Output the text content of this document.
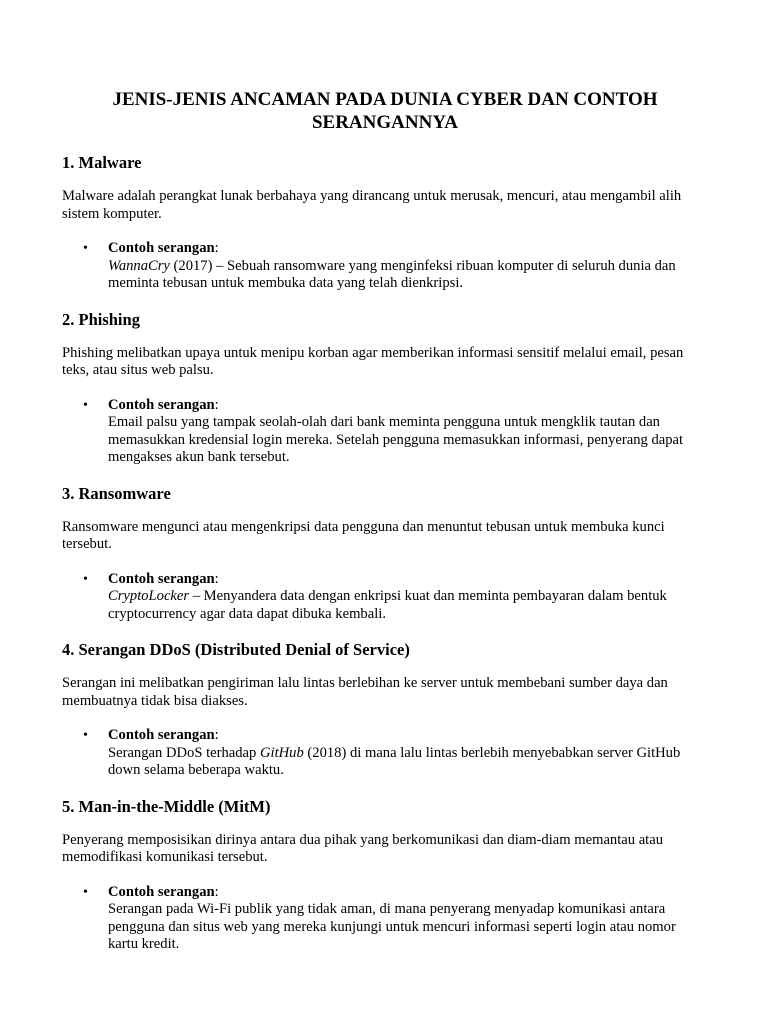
JENIS-JENIS ANCAMAN PADA DUNIA CYBER DAN CONTOH SERANGANNYA
1. Malware

Malware adalah perangkat lunak berbahaya yang dirancang untuk merusak, mencuri, atau mengambil alih sistem komputer.

• Contoh serangan:
WannaCry (2017) – Sebuah ransomware yang menginfeksi ribuan komputer di seluruh dunia dan meminta tebusan untuk membuka data yang telah dienkripsi.
2. Phishing

Phishing melibatkan upaya untuk menipu korban agar memberikan informasi sensitif melalui email, pesan teks, atau situs web palsu.

• Contoh serangan:
Email palsu yang tampak seolah-olah dari bank meminta pengguna untuk mengklik tautan dan memasukkan kredensial login mereka. Setelah pengguna memasukkan informasi, penyerang dapat mengakses akun bank tersebut.
3. Ransomware

Ransomware mengunci atau mengenkripsi data pengguna dan menuntut tebusan untuk membuka kunci tersebut.

• Contoh serangan:
CryptoLocker – Menyandera data dengan enkripsi kuat dan meminta pembayaran dalam bentuk cryptocurrency agar data dapat dibuka kembali.
4. Serangan DDoS (Distributed Denial of Service)

Serangan ini melibatkan pengiriman lalu lintas berlebihan ke server untuk membebani sumber daya dan membuatnya tidak bisa diakses.

• Contoh serangan:
Serangan DDoS terhadap GitHub (2018) di mana lalu lintas berlebih menyebabkan server GitHub down selama beberapa waktu.
5. Man-in-the-Middle (MitM)

Penyerang memposisikan dirinya antara dua pihak yang berkomunikasi dan diam-diam memantau atau memodifikasi komunikasi tersebut.

• Contoh serangan:
Serangan pada Wi-Fi publik yang tidak aman, di mana penyerang menyadap komunikasi antara pengguna dan situs web yang mereka kunjungi untuk mencuri informasi seperti login atau nomor kartu kredit.
